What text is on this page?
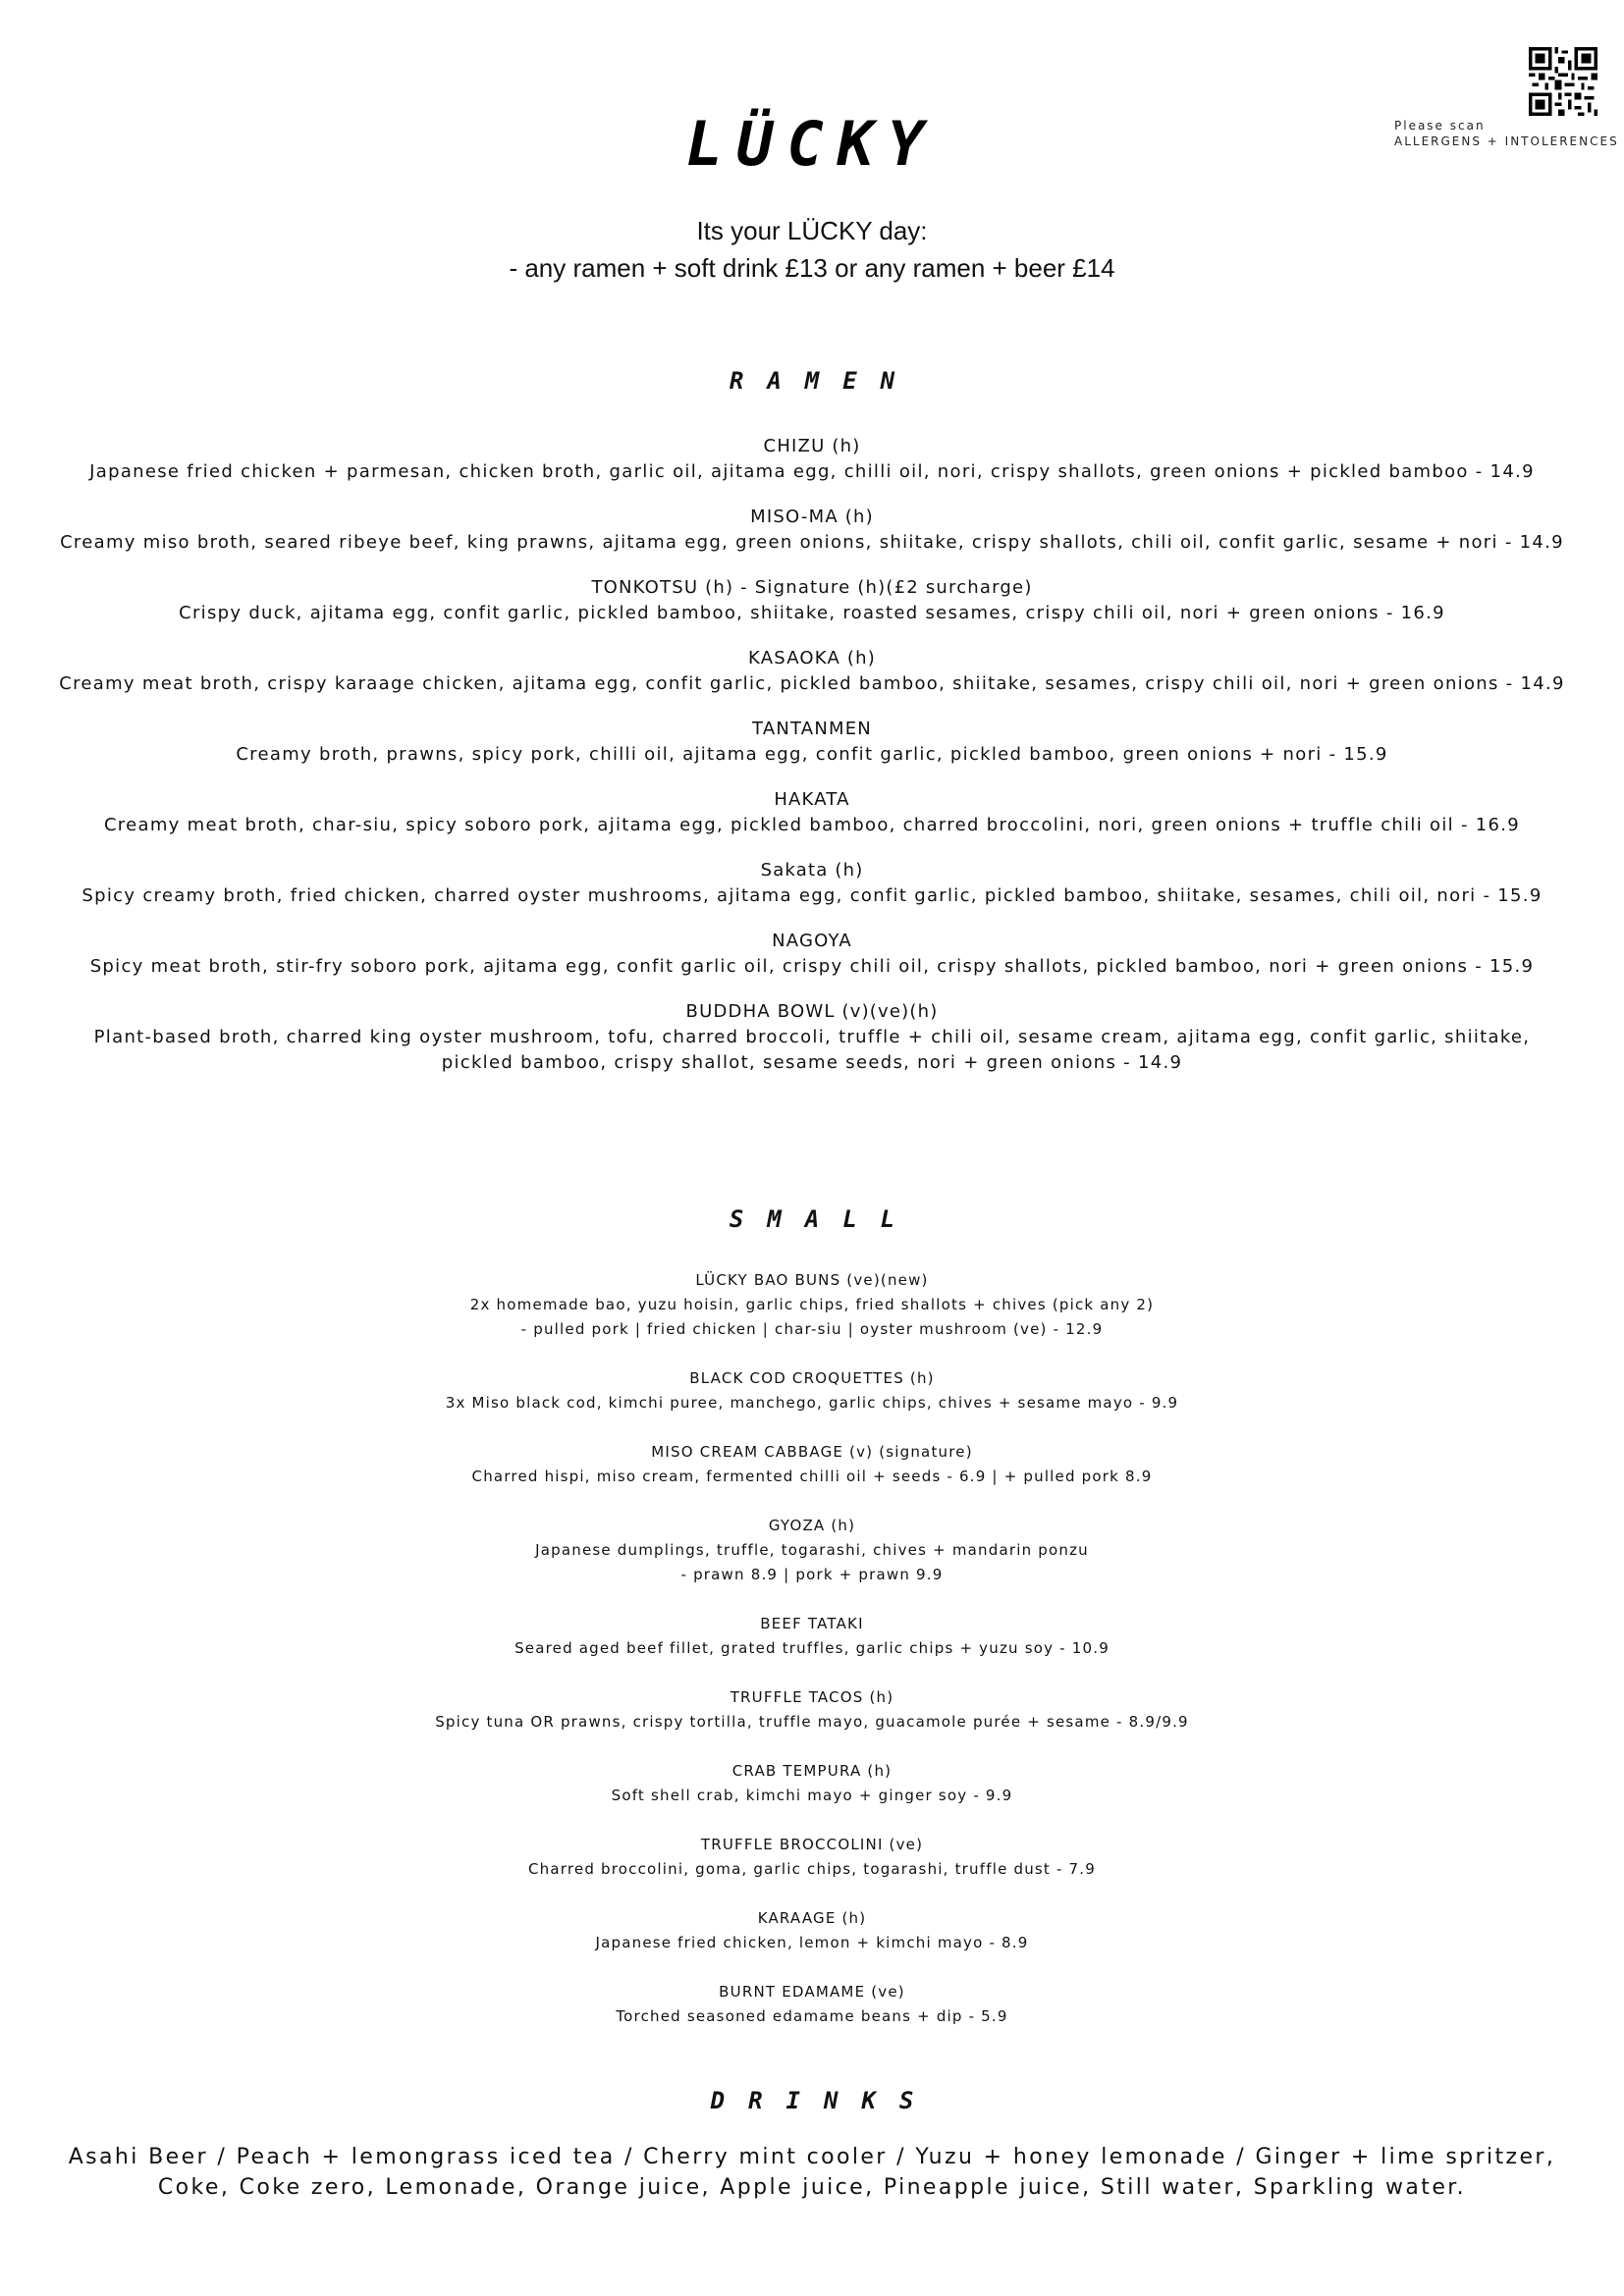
LÜCKY	Please scan
ALLERGENS + INTOLERENCES
Its your LÜCKY day:
- any ramen + soft drink £13 or any ramen + beer £14
RAMEN
CHIZU (h)
Japanese fried chicken + parmesan, chicken broth, garlic oil, ajitama egg, chilli oil, nori, crispy shallots, green onions + pickled bamboo - 14.9
MISO-MA (h)
Creamy miso broth, seared ribeye beef, king prawns, ajitama egg, green onions, shiitake, crispy shallots, chili oil, confit garlic, sesame + nori - 14.9
TONKOTSU (h) - Signature (h)(£2 surcharge)
Crispy duck, ajitama egg, confit garlic, pickled bamboo, shiitake, roasted sesames, crispy chili oil, nori + green onions - 16.9
KASAOKA (h)
Creamy meat broth, crispy karaage chicken, ajitama egg, confit garlic, pickled bamboo, shiitake, sesames, crispy chili oil, nori + green onions - 14.9
TANTANMEN
Creamy broth, prawns, spicy pork, chilli oil, ajitama egg, confit garlic, pickled bamboo, green onions + nori - 15.9
HAKATA
Creamy meat broth, char-siu, spicy soboro pork, ajitama egg, pickled bamboo, charred broccolini, nori, green onions + truffle chili oil - 16.9
Sakata (h)
Spicy creamy broth, fried chicken, charred oyster mushrooms, ajitama egg, confit garlic, pickled bamboo, shiitake, sesames, chili oil, nori - 15.9
NAGOYA
Spicy meat broth, stir-fry soboro pork, ajitama egg, confit garlic oil, crispy chili oil, crispy shallots, pickled bamboo, nori + green onions - 15.9
BUDDHA BOWL (v)(ve)(h)
Plant-based broth, charred king oyster mushroom, tofu, charred broccoli, truffle + chili oil, sesame cream, ajitama egg, confit garlic, shiitake,
pickled bamboo, crispy shallot, sesame seeds, nori + green onions - 14.9
SMALL
LÜCKY BAO BUNS (ve)(new)
2x homemade bao, yuzu hoisin, garlic chips, fried shallots + chives (pick any 2)
- pulled pork | fried chicken | char-siu | oyster mushroom (ve) - 12.9
BLACK COD CROQUETTES (h)
3x Miso black cod, kimchi puree, manchego, garlic chips, chives + sesame mayo - 9.9
MISO CREAM CABBAGE (v) (signature)
Charred hispi, miso cream, fermented chilli oil + seeds - 6.9 | + pulled pork 8.9
GYOZA (h)
Japanese dumplings, truffle, togarashi, chives + mandarin ponzu
- prawn 8.9 | pork + prawn 9.9
BEEF TATAKI
Seared aged beef fillet, grated truffles, garlic chips + yuzu soy - 10.9
TRUFFLE TACOS (h)
Spicy tuna OR prawns, crispy tortilla, truffle mayo, guacamole purée + sesame - 8.9/9.9
CRAB TEMPURA (h)
Soft shell crab, kimchi mayo + ginger soy - 9.9
TRUFFLE BROCCOLINI (ve)
Charred broccolini, goma, garlic chips, togarashi, truffle dust - 7.9
KARAAGE (h)
Japanese fried chicken, lemon + kimchi mayo - 8.9
BURNT EDAMAME (ve)
Torched seasoned edamame beans + dip - 5.9
DRINKS
Asahi Beer / Peach + lemongrass iced tea / Cherry mint cooler / Yuzu + honey lemonade / Ginger + lime spritzer,
Coke, Coke zero, Lemonade, Orange juice, Apple juice, Pineapple juice, Still water, Sparkling water.
